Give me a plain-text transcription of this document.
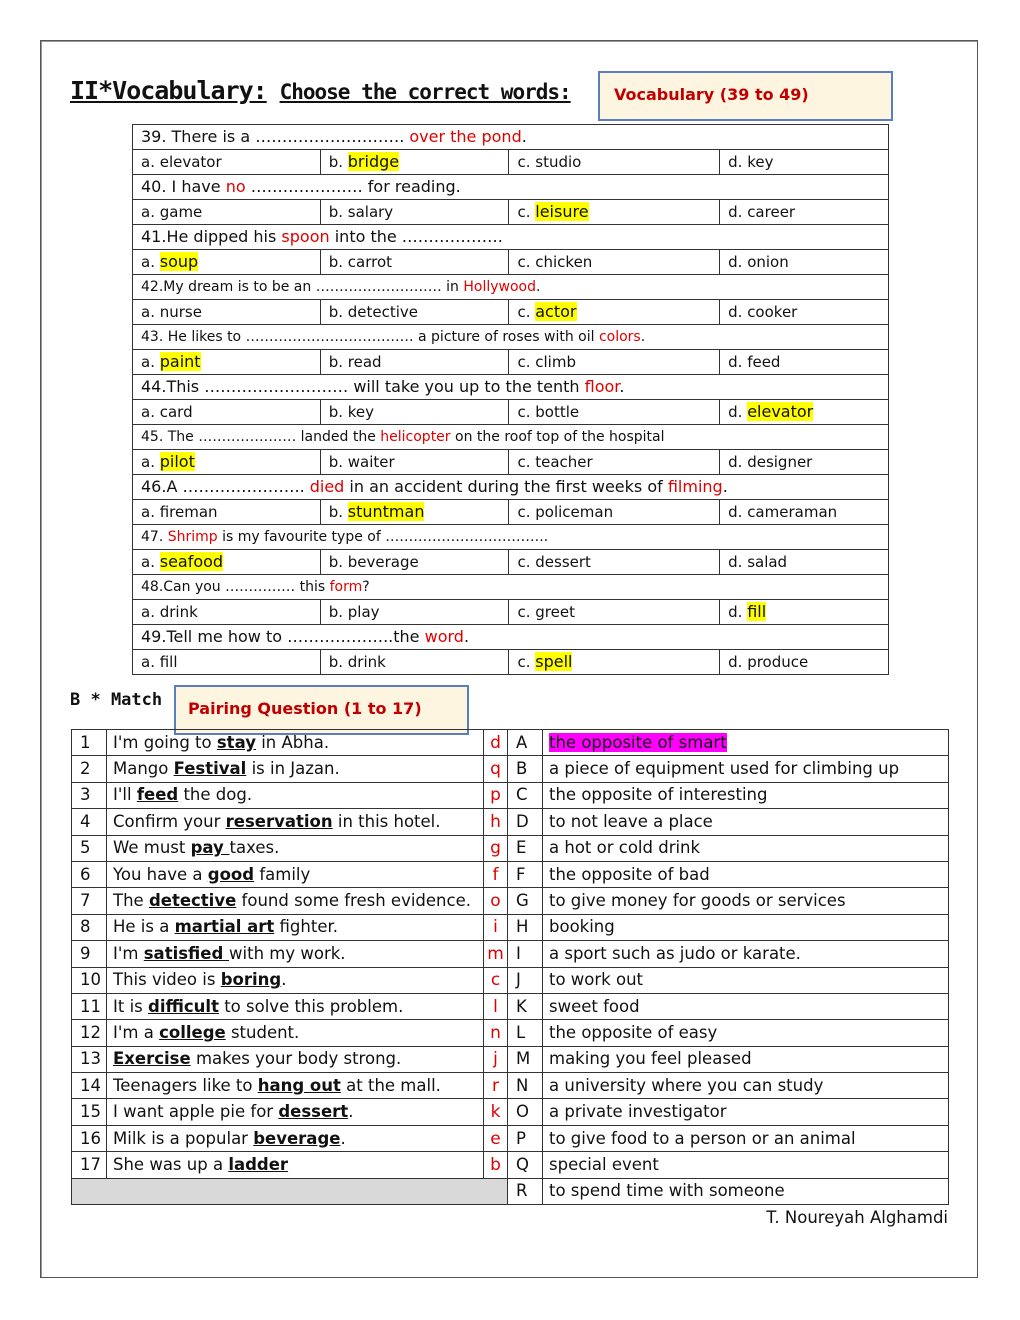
II*Vocabulary: Choose the correct words:	Vocabulary (39 to 49)
39. There is a ………………………. over the pond.			
a. elevator	b. bridge	c. studio	d. key
40. I have no ………………… for reading.			
a. game	b. salary	c. leisure	d. career
41.He dipped his spoon into the ……………….			
a. soup	b. carrot	c. chicken	d. onion
42.My dream is to be an ……………………… in Hollywood.			
a. nurse	b. detective	c. actor	d. cooker
43. He likes to ……………………………… a picture of roses with oil colors.			
a. paint	b. read	c. climb	d. feed
44.This ……………………… will take you up to the tenth floor.			
a. card	b. key	c. bottle	d. elevator
45. The ………………… landed the helicopter on the roof top of the hospital			
a. pilot	b. waiter	c. teacher	d. designer
46.A ………………….. died in an accident during the first weeks of filming.			
a. fireman	b. stuntman	c. policeman	d. cameraman
47. Shrimp is my favourite type of ……………………………..			
a. seafood	b. beverage	c. dessert	d. salad
48.Can you …………… this form?			
a. drink	b. play	c. greet	d. fill
49.Tell me how to ………………..the word.			
a. fill	b. drink	c. spell	d. produce
B * Match	Pairing Question (1 to 17)
1	I'm going to stay in Abha.	d	A	the opposite of smart
2	Mango Festival is in Jazan.	q	B	a piece of equipment used for climbing up
3	I'll feed the dog.	p	C	the opposite of interesting
4	Confirm your reservation in this hotel.	h	D	to not leave a place
5	We must pay taxes.	g	E	a hot or cold drink
6	You have a good family	f	F	the opposite of bad
7	The detective found some fresh evidence.	o	G	to give money for goods or services
8	He is a martial art fighter.	i	H	booking
9	I'm satisfied with my work.	m	I	a sport such as judo or karate.
10	This video is boring.	c	J	to work out
11	It is difficult to solve this problem.	l	K	sweet food
12	I'm a college student.	n	L	the opposite of easy
13	Exercise makes your body strong.	j	M	making you feel pleased
14	Teenagers like to hang out at the mall.	r	N	a university where you can study
15	I want apple pie for dessert.	k	O	a private investigator
16	Milk is a popular beverage.	e	P	to give food to a person or an animal
17	She was up a ladder	b	Q	special event
			R	to spend time with someone
T. Noureyah Alghamdi
